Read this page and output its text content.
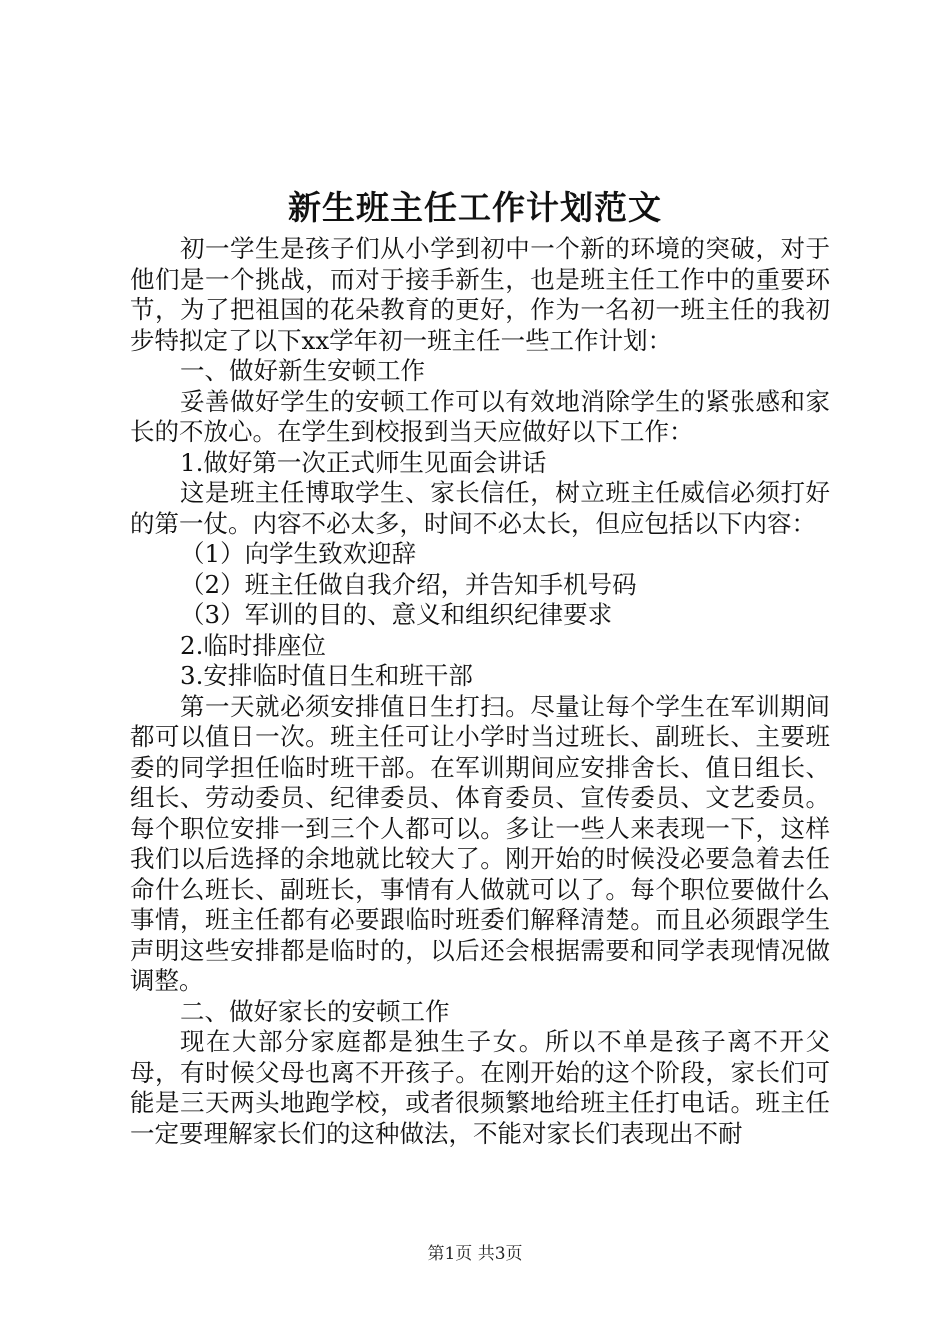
新生班主任工作计划范文

初一学生是孩子们从小学到初中一个新的环境的突破，对于他们是一个挑战，而对于接手新生，也是班主任工作中的重要环节，为了把祖国的花朵教育的更好，作为一名初一班主任的我初步特拟定了以下xx学年初一班主任一些工作计划：

一、做好新生安顿工作

妥善做好学生的安顿工作可以有效地消除学生的紧张感和家长的不放心。在学生到校报到当天应做好以下工作：

1.做好第一次正式师生见面会讲话

这是班主任博取学生、家长信任，树立班主任威信必须打好的第一仗。内容不必太多，时间不必太长，但应包括以下内容：

（1）向学生致欢迎辞

（2）班主任做自我介绍，并告知手机号码

（3）军训的目的、意义和组织纪律要求

2.临时排座位

3.安排临时值日生和班干部

第一天就必须安排值日生打扫。尽量让每个学生在军训期间都可以值日一次。班主任可让小学时当过班长、副班长、主要班委的同学担任临时班干部。在军训期间应安排舍长、值日组长、组长、劳动委员、纪律委员、体育委员、宣传委员、文艺委员。每个职位安排一到三个人都可以。多让一些人来表现一下，这样我们以后选择的余地就比较大了。刚开始的时候没必要急着去任命什么班长、副班长，事情有人做就可以了。每个职位要做什么事情，班主任都有必要跟临时班委们解释清楚。而且必须跟学生声明这些安排都是临时的，以后还会根据需要和同学表现情况做调整。

二、做好家长的安顿工作

现在大部分家庭都是独生子女。所以不单是孩子离不开父母，有时候父母也离不开孩子。在刚开始的这个阶段，家长们可能是三天两头地跑学校，或者很频繁地给班主任打电话。班主任一定要理解家长们的这种做法，不能对家长们表现出不耐

第1页 共3页
